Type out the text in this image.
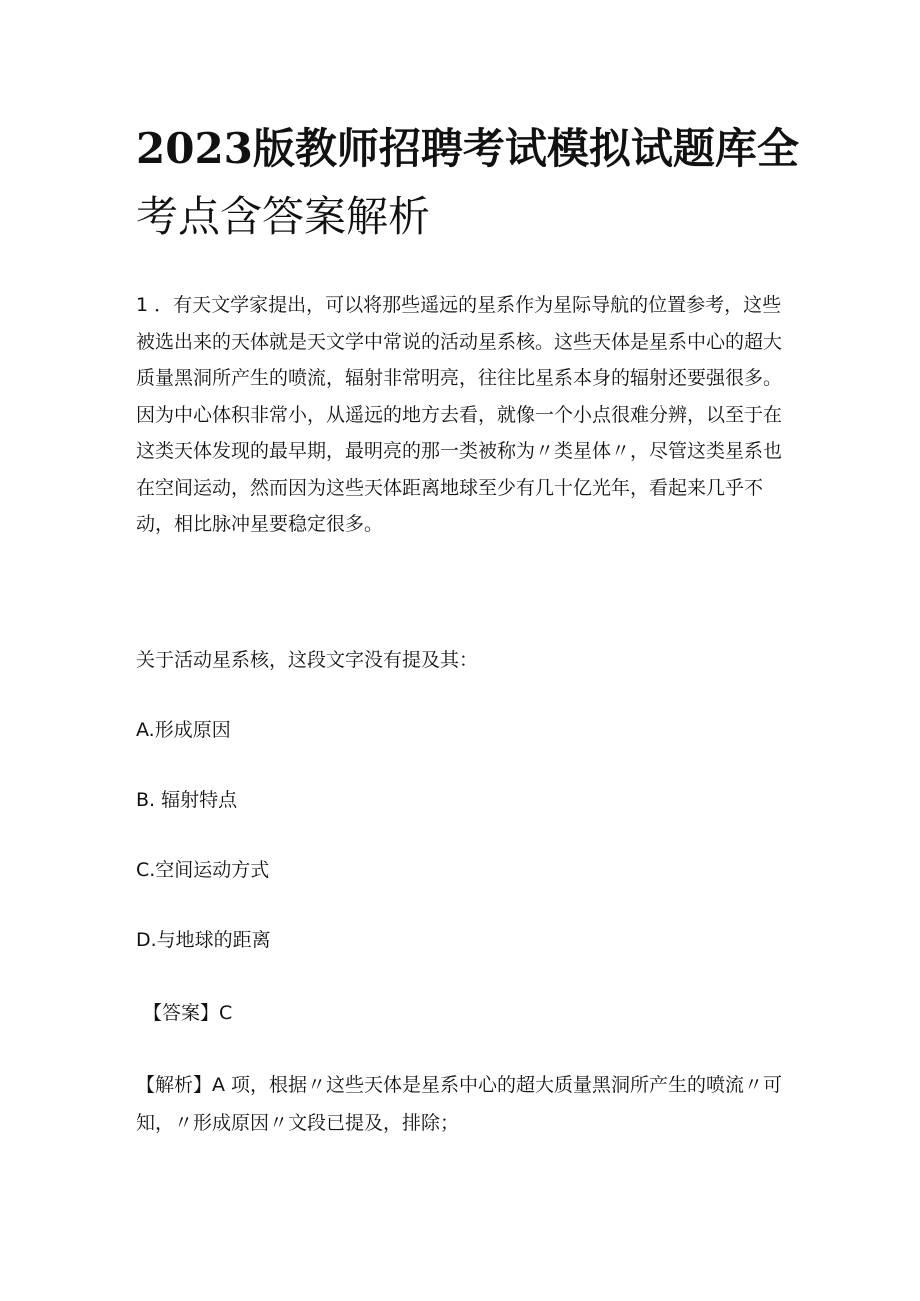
2023版教师招聘考试模拟试题库全
考点含答案解析

1 ．有天文学家提出，可以将那些遥远的星系作为星际导航的位置参考，这些被选出来的天体就是天文学中常说的活动星系核。这些天体是星系中心的超大质量黑洞所产生的喷流，辐射非常明亮，往往比星系本身的辐射还要强很多。因为中心体积非常小，从遥远的地方去看，就像一个小点很难分辨，以至于在这类天体发现的最早期，最明亮的那一类被称为〃类星体〃，尽管这类星系也在空间运动，然而因为这些天体距离地球至少有几十亿光年，看起来几乎不动，相比脉冲星要稳定很多。

关于活动星系核，这段文字没有提及其：

A.形成原因

B. 辐射特点

C.空间运动方式

D.与地球的距离

【答案】C

【解析】A 项，根据〃这些天体是星系中心的超大质量黑洞所产生的喷流〃可知，〃形成原因〃文段已提及，排除；
